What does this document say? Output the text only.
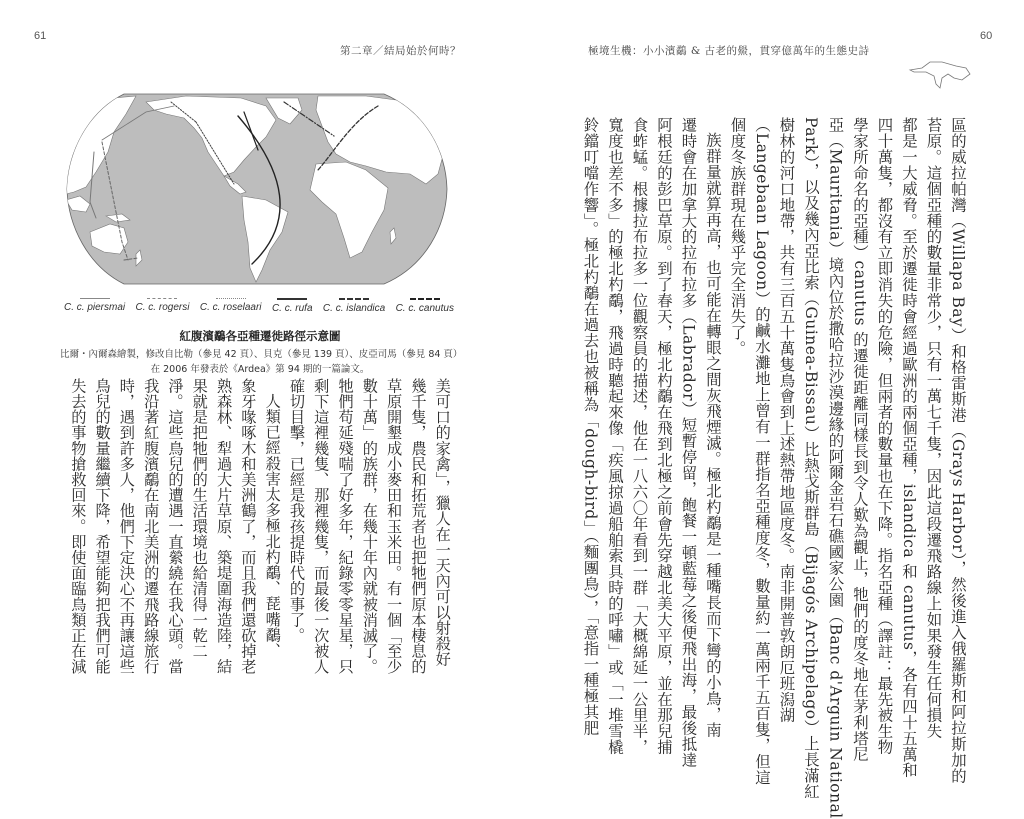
61
第二章／結局始於何時？
C. c. piersmai C. c. rogersi C. c. roselaari C. c. rufa C. c. islandica C. c. canutus
紅腹濱鷸各亞種遷徙路徑示意圖
比爾・內爾森繪製，修改自比勒（參見 42 頁）、貝克（參見 139 頁）、皮亞司馬（參見 84 頁）
在 2006 年發表於《Ardea》第 94 期的一篇論文。
美可口的家禽」，獵人在一天內可以射殺好
幾千隻，農民和拓荒者也把牠們原本棲息的
草原開墾成小麥田和玉米田。有一個「至少
數十萬」的族群，在幾十年內就被消滅了。
牠們苟延殘喘了好多年，紀錄零零星星，只
剩下這裡幾隻、那裡幾隻，而最後一次被人
確切目擊，已經是我孩提時代的事了。
人類已經殺害太多極北杓鷸、琵嘴鷸、
象牙喙啄木和美洲鶴了，而且我們還砍掉老
熟森林、犁過大片草原、築堤圍海造陸，結
果就是把牠們的生活環境也給清得一乾二
淨。這些鳥兒的遭遇一直縈繞在我心頭。當
我沿著紅腹濱鷸在南北美洲的遷飛路線旅行
時，遇到許多人，他們下定決心不再讓這些
鳥兒的數量繼續下降，希望能夠把我們可能
失去的事物搶救回來。即使面臨鳥類正在減
極境生機：小小濱鷸 & 古老的鱟，貫穿億萬年的生態史詩
60
區的威拉帕灣（Willapa Bay）和格雷斯港（Grays Harbor），然後進入俄羅斯和阿拉斯加的
苔原。這個亞種的數量非常少，只有一萬七千隻，因此這段遷飛路線上如果發生任何損失
都是一大威脅。至於遷徙時會經過歐洲的兩個亞種，islandica 和 canutus，各有四十五萬和
四十萬隻，都沒有立即消失的危險，但兩者的數量也在下降。指名亞種（譯註：最先被生物
學家所命名的亞種）canutus 的遷徙距離同樣長到令人歎為觀止，牠們的度冬地在茅利塔尼
亞（Mauritania）境內位於撒哈拉沙漠邊緣的阿爾金岩石礁國家公園（Banc d'Arguin National
Park），以及幾內亞比索（Guinea-Bissau）比熱戈斯群島（Bijagós Archipelago）上長滿紅
樹林的河口地帶，共有三百五十萬隻鳥會到上述熱帶地區度冬。南非開普敦朗厄班潟湖
（Langebaan Lagoon）的鹹水灘地上曾有一群指名亞種度冬，數量約一萬兩千五百隻，但這
個度冬族群現在幾乎完全消失了。
族群量就算再高，也可能在轉眼之間灰飛煙滅。極北杓鷸是一種嘴長而下彎的小鳥，南
遷時會在加拿大的拉布拉多（Labrador）短暫停留，飽餐一頓藍莓之後便飛出海，最後抵達
阿根廷的彭巴草原。到了春天，極北杓鷸在飛到北極之前會先穿越北美大平原，並在那兒捕
食蚱蜢。根據拉布拉多一位觀察員的描述，他在一八六〇年看到一群「大概綿延一公里半，
寬度也差不多」的極北杓鷸，飛過時聽起來像「疾風掠過船舶索具時的呼嘯」或「一堆雪橇
鈴鐺叮噹作響」。極北杓鷸在過去也被稱為「dough-bird」（麵團鳥），「意指一種極其肥
